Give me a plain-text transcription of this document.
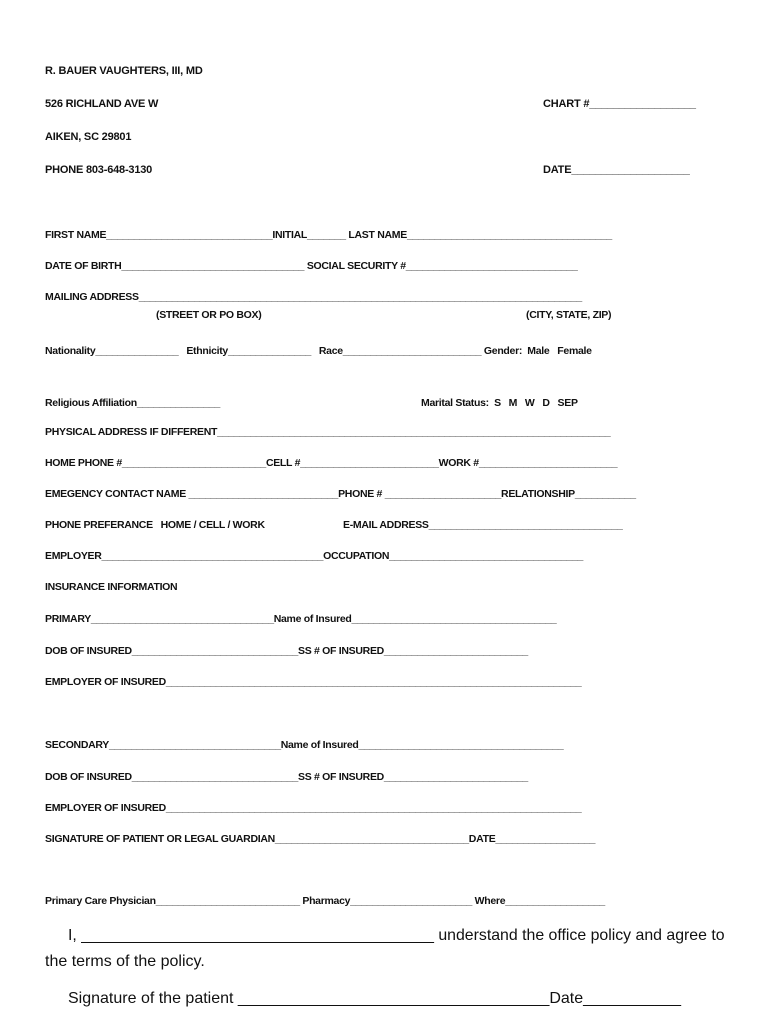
R. BAUER VAUGHTERS, III, MD
526 RICHLAND AVE W	CHART #__________________
AIKEN, SC 29801
PHONE 803-648-3130	DATE____________________
FIRST NAME______________________________INITIAL_______ LAST NAME_____________________________________
DATE OF BIRTH_________________________________ SOCIAL SECURITY #_______________________________
MAILING ADDRESS________________________________________________________________________________
(STREET OR PO BOX)	(CITY, STATE, ZIP)
Nationality_______________   Ethnicity_______________   Race_________________________ Gender:  Male   Female
Religious Affiliation_______________	Marital Status:  S   M   W   D   SEP
PHYSICAL ADDRESS IF DIFFERENT_______________________________________________________________________
HOME PHONE #__________________________CELL #_________________________WORK #_________________________
EMEGENCY CONTACT NAME ___________________________PHONE # _____________________RELATIONSHIP___________
PHONE PREFERANCE   HOME / CELL / WORK	E-MAIL ADDRESS___________________________________
EMPLOYER________________________________________OCCUPATION___________________________________
INSURANCE INFORMATION
PRIMARY_________________________________Name of Insured_____________________________________
DOB OF INSURED______________________________SS # OF INSURED__________________________
EMPLOYER OF INSURED___________________________________________________________________________
SECONDARY_______________________________Name of Insured_____________________________________
DOB OF INSURED______________________________SS # OF INSURED__________________________
EMPLOYER OF INSURED___________________________________________________________________________
SIGNATURE OF PATIENT OR LEGAL GUARDIAN___________________________________DATE__________________
Primary Care Physician__________________________ Pharmacy______________________ Where__________________
I, ________________________________________ understand the office policy and agree to
the terms of the policy.
Signature of the patient ___________________________________Date___________
